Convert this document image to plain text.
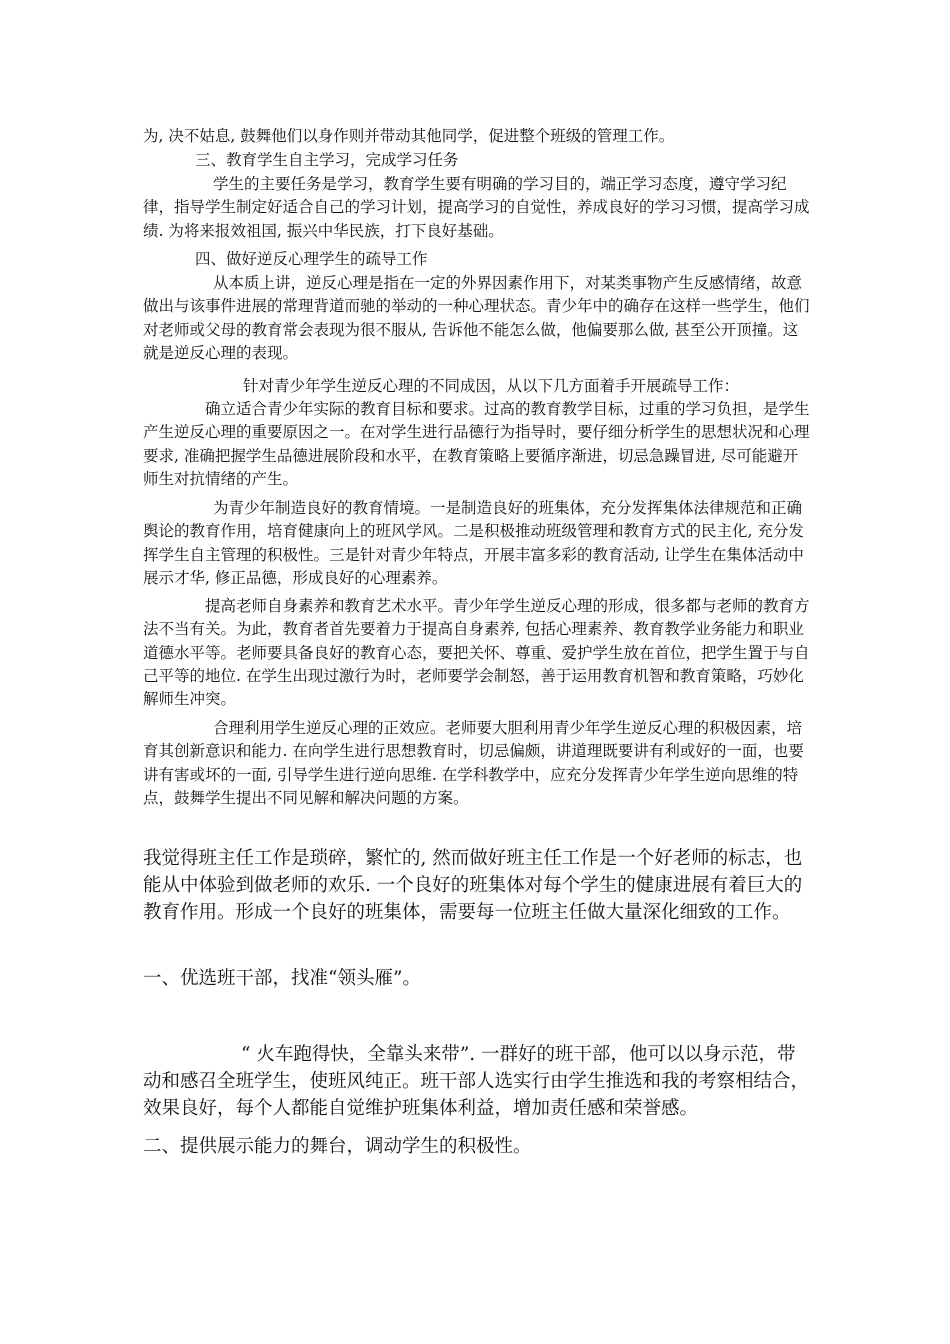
为, 决不姑息, 鼓舞他们以身作则并带动其他同学，促进整个班级的管理工作。

三、教育学生自主学习，完成学习任务

学生的主要任务是学习，教育学生要有明确的学习目的，端正学习态度，遵守学习纪律，指导学生制定好适合自己的学习计划，提高学习的自觉性，养成良好的学习习惯，提高学习成绩. 为将来报效祖国, 振兴中华民族，打下良好基础。

四、做好逆反心理学生的疏导工作

从本质上讲，逆反心理是指在一定的外界因素作用下，对某类事物产生反感情绪，故意做出与该事件进展的常理背道而驰的举动的一种心理状态。青少年中的确存在这样一些学生，他们对老师或父母的教育常会表现为很不服从, 告诉他不能怎么做，他偏要那么做, 甚至公开顶撞。这就是逆反心理的表现。

针对青少年学生逆反心理的不同成因，从以下几方面着手开展疏导工作：

确立适合青少年实际的教育目标和要求。过高的教育教学目标，过重的学习负担，是学生产生逆反心理的重要原因之一。在对学生进行品德行为指导时，要仔细分析学生的思想状况和心理要求, 准确把握学生品德进展阶段和水平，在教育策略上要循序渐进，切忌急躁冒进, 尽可能避开师生对抗情绪的产生。

为青少年制造良好的教育情境。一是制造良好的班集体，充分发挥集体法律规范和正确舆论的教育作用，培育健康向上的班风学风。二是积极推动班级管理和教育方式的民主化, 充分发挥学生自主管理的积极性。三是针对青少年特点，开展丰富多彩的教育活动, 让学生在集体活动中展示才华, 修正品德，形成良好的心理素养。

提高老师自身素养和教育艺术水平。青少年学生逆反心理的形成，很多都与老师的教育方法不当有关。为此，教育者首先要着力于提高自身素养, 包括心理素养、教育教学业务能力和职业道德水平等。老师要具备良好的教育心态，要把关怀、尊重、爱护学生放在首位，把学生置于与自己平等的地位. 在学生出现过激行为时，老师要学会制怒，善于运用教育机智和教育策略，巧妙化解师生冲突。

合理利用学生逆反心理的正效应。老师要大胆利用青少年学生逆反心理的积极因素，培育其创新意识和能力. 在向学生进行思想教育时，切忌偏颇，讲道理既要讲有利或好的一面，也要讲有害或坏的一面, 引导学生进行逆向思维. 在学科教学中，应充分发挥青少年学生逆向思维的特点，鼓舞学生提出不同见解和解决问题的方案。

我觉得班主任工作是琐碎，繁忙的, 然而做好班主任工作是一个好老师的标志，也能从中体验到做老师的欢乐. 一个良好的班集体对每个学生的健康进展有着巨大的教育作用。形成一个良好的班集体，需要每一位班主任做大量深化细致的工作。

一、优选班干部，找准“领头雁”。

“ 火车跑得快，全靠头来带”. 一群好的班干部，他可以以身示范，带动和感召全班学生，使班风纯正。班干部人选实行由学生推选和我的考察相结合，效果良好，每个人都能自觉维护班集体利益，增加责任感和荣誉感。

二、提供展示能力的舞台，调动学生的积极性。
